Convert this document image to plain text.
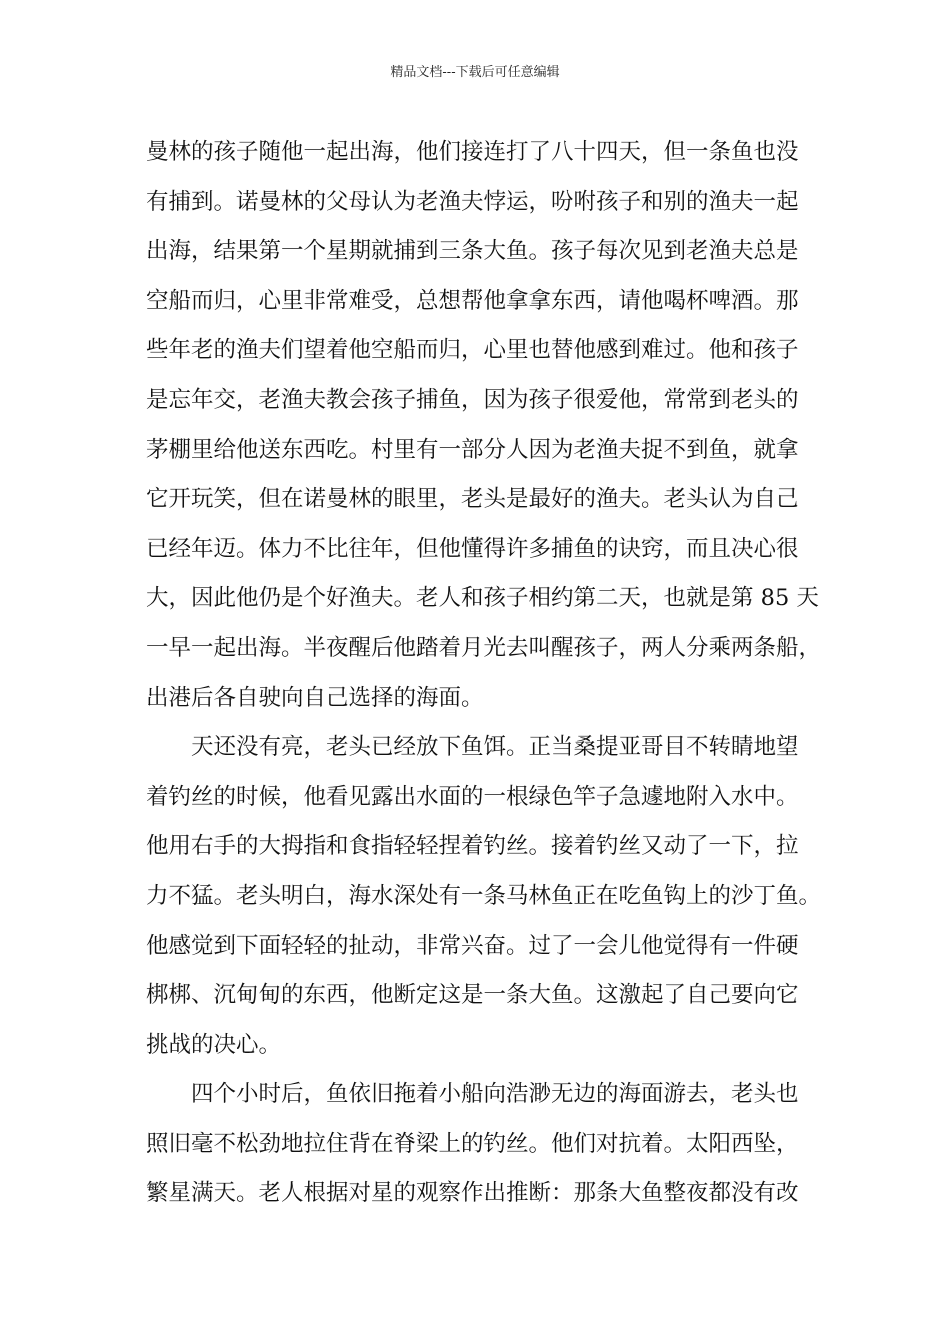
精品文档---下载后可任意编辑
曼林的孩子随他一起出海，他们接连打了八十四天，但一条鱼也没
有捕到。诺曼林的父母认为老渔夫悖运，吩咐孩子和别的渔夫一起
出海，结果第一个星期就捕到三条大鱼。孩子每次见到老渔夫总是
空船而归，心里非常难受，总想帮他拿拿东西，请他喝杯啤酒。那
些年老的渔夫们望着他空船而归，心里也替他感到难过。他和孩子
是忘年交，老渔夫教会孩子捕鱼，因为孩子很爱他，常常到老头的
茅棚里给他送东西吃。村里有一部分人因为老渔夫捉不到鱼，就拿
它开玩笑，但在诺曼林的眼里，老头是最好的渔夫。老头认为自己
已经年迈。体力不比往年，但他懂得许多捕鱼的诀窍，而且决心很
大，因此他仍是个好渔夫。老人和孩子相约第二天，也就是第 85 天
一早一起出海。半夜醒后他踏着月光去叫醒孩子，两人分乘两条船，
出港后各自驶向自己选择的海面。
天还没有亮，老头已经放下鱼饵。正当桑提亚哥目不转睛地望
着钓丝的时候，他看见露出水面的一根绿色竿子急遽地附入水中。
他用右手的大拇指和食指轻轻捏着钓丝。接着钓丝又动了一下，拉
力不猛。老头明白，海水深处有一条马林鱼正在吃鱼钩上的沙丁鱼。
他感觉到下面轻轻的扯动，非常兴奋。过了一会儿他觉得有一件硬
梆梆、沉甸甸的东西，他断定这是一条大鱼。这激起了自己要向它
挑战的决心。
四个小时后，鱼依旧拖着小船向浩渺无边的海面游去，老头也
照旧毫不松劲地拉住背在脊梁上的钓丝。他们对抗着。太阳西坠，
繁星满天。老人根据对星的观察作出推断：那条大鱼整夜都没有改
